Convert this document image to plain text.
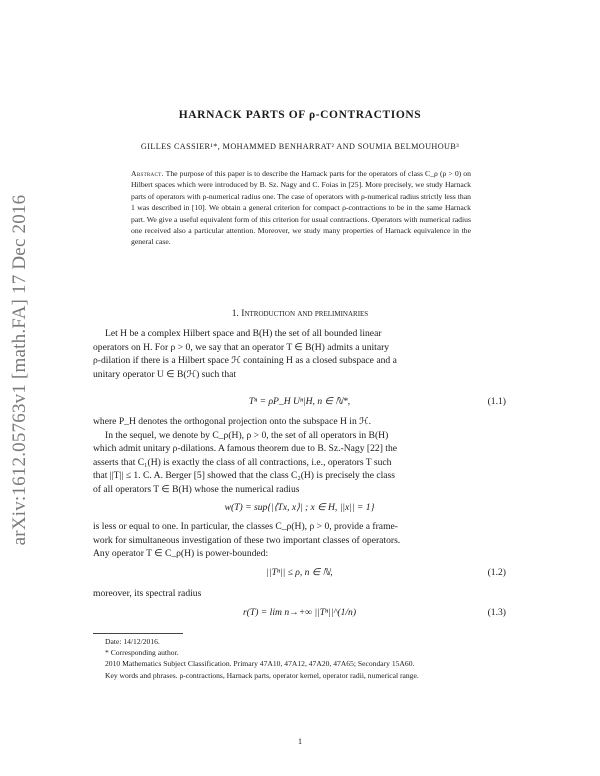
arXiv:1612.05763v1 [math.FA] 17 Dec 2016
HARNACK PARTS OF ρ-CONTRACTIONS
GILLES CASSIER¹*, MOHAMMED BENHARRAT² AND SOUMIA BELMOUHOUB³
Abstract. The purpose of this paper is to describe the Harnack parts for the operators of class C_ρ (ρ > 0) on Hilbert spaces which were introduced by B. Sz. Nagy and C. Foias in [25]. More precisely, we study Harnack parts of operators with ρ-numerical radius one. The case of operators with ρ-numerical radius strictly less than 1 was described in [10]. We obtain a general criterion for compact ρ-contractions to be in the same Harnack part. We give a useful equivalent form of this criterion for usual contractions. Operators with numerical radius one received also a particular attention. Moreover, we study many properties of Harnack equivalence in the general case.
1. Introduction and preliminaries
Let H be a complex Hilbert space and B(H) the set of all bounded linear
operators on H. For ρ > 0, we say that an operator T ∈ B(H) admits a unitary
ρ-dilation if there is a Hilbert space ℋ containing H as a closed subspace and a
unitary operator U ∈ B(ℋ) such that
Tⁿ = ρP_H Uⁿ|H, n ∈ ℕ*,	(1.1)
where P_H denotes the orthogonal projection onto the subspace H in ℋ.
In the sequel, we denote by C_ρ(H), ρ > 0, the set of all operators in B(H)
which admit unitary ρ-dilations. A famous theorem due to B. Sz.-Nagy [22] the
asserts that C₁(H) is exactly the class of all contractions, i.e., operators T such
that ||T|| ≤ 1. C. A. Berger [5] showed that the class C₂(H) is precisely the class
of all operators T ∈ B(H) whose the numerical radius
w(T) = sup{|⟨Tx, x⟩| ; x ∈ H, ||x|| = 1}
is less or equal to one. In particular, the classes C_ρ(H), ρ > 0, provide a frame-
work for simultaneous investigation of these two important classes of operators.
Any operator T ∈ C_ρ(H) is power-bounded:
||Tⁿ|| ≤ ρ, n ∈ ℕ,	(1.2)
moreover, its spectral radius
r(T) = lim n→+∞ ||Tⁿ||^(1/n)	(1.3)
Date: 14/12/2016.
* Corresponding author.
2010 Mathematics Subject Classification. Primary 47A10, 47A12, 47A20, 47A65; Secondary 15A60.
Key words and phrases. ρ-contractions, Harnack parts, operator kernel, operator radii, numerical range.
1
